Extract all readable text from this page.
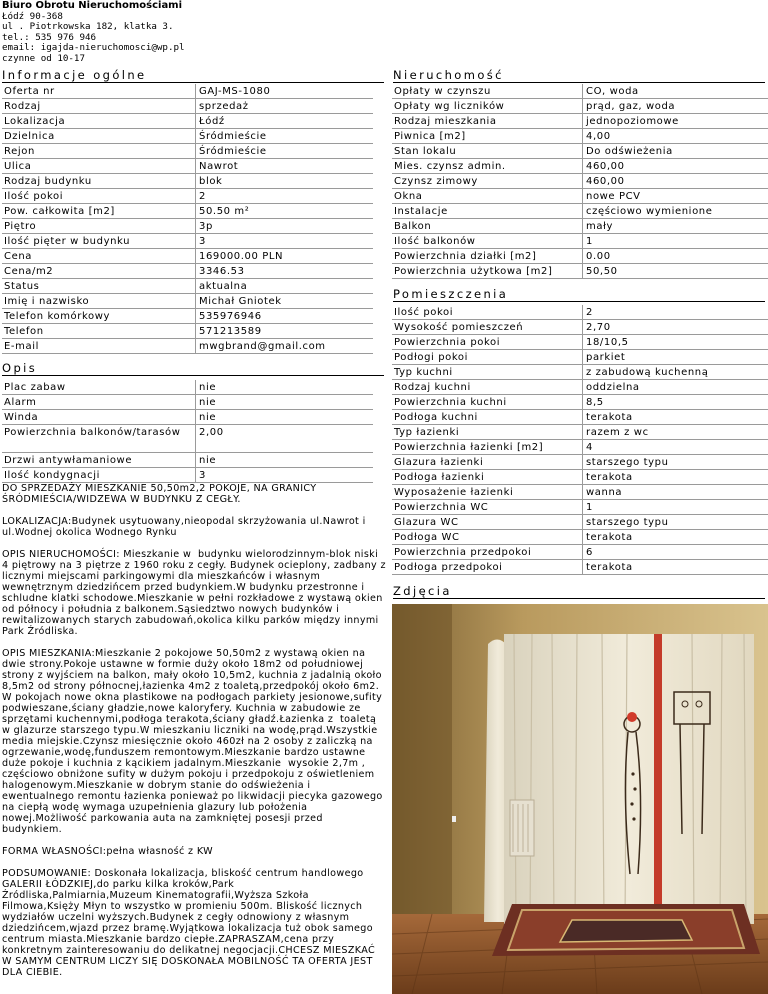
Biuro Obrotu Nieruchomościami
Łódź 90-368
ul . Piotrkowska 182, klatka 3.
tel.: 535 976 946
email: igajda-nieruchomosci@wp.pl
czynne od 10-17
Informacje ogólne	Nieruchomość
Oferta nr	GAJ-MS-1080
Rodzaj	sprzedaż
Lokalizacja	Łódź
Dzielnica	Śródmieście
Rejon	Śródmieście
Ulica	Nawrot
Rodzaj budynku	blok
Ilość pokoi	2
Pow. całkowita [m2]	50.50 m²
Piętro	3p
Ilość pięter w budynku	3
Cena	169000.00 PLN
Cena/m2	3346.53
Status	aktualna
Imię i nazwisko	Michał Gniotek
Telefon komórkowy	535976946
Telefon	571213589
E-mail	mwgbrand@gmail.com
Opłaty w czynszu	CO, woda
Opłaty wg liczników	prąd, gaz, woda
Rodzaj mieszkania	jednopoziomowe
Piwnica [m2]	4,00
Stan lokalu	Do odświeżenia
Mies. czynsz admin.	460,00
Czynsz zimowy	460,00
Okna	nowe PCV
Instalacje	częściowo wymienione
Balkon	mały
Ilość balkonów	1
Powierzchnia działki [m2]	0.00
Powierzchnia użytkowa [m2]	50,50
Pomieszczenia
Ilość pokoi	2
Wysokość pomieszczeń	2,70
Powierzchnia pokoi	18/10,5
Podłogi pokoi	parkiet
Typ kuchni	z zabudową kuchenną
Rodzaj kuchni	oddzielna
Powierzchnia kuchni	8,5
Podłoga kuchni	terakota
Typ łazienki	razem z wc
Powierzchnia łazienki [m2]	4
Glazura łazienki	starszego typu
Podłoga łazienki	terakota
Wyposażenie łazienki	wanna
Powierzchnia WC	1
Glazura WC	starszego typu
Podłoga WC	terakota
Powierzchnia przedpokoi	6
Podłoga przedpokoi	terakota
Opis
Plac zabaw	nie
Alarm	nie
Winda	nie
Powierzchnia balkonów/tarasów	2,00
Drzwi antywłamaniowe	nie
Ilość kondygnacji	3

DO SPRZEDAŻY MIESZKANIE 50,50m2,2 POKOJE, NA GRANICY ŚRÓDMIEŚCIA/WIDZEWA W BUDYNKU Z CEGŁY.

LOKALIZACJA:Budynek usytuowany,nieopodal skrzyżowania ul.Nawrot i ul.Wodnej okolica Wodnego Rynku

OPIS NIERUCHOMOŚCI: Mieszkanie w  budynku wielorodzinnym-blok niski 4 piętrowy na 3 piętrze z 1960 roku z cegły. Budynek ocieplony, zadbany z licznymi miejscami parkingowymi dla mieszkańców i własnym wewnętrznym dziedzińcem przed budynkiem.W budynku przestronne i schludne klatki schodowe.Mieszkanie w pełni rozkładowe z wystawą okien od północy i południa z balkonem.Sąsiedztwo nowych budynków i rewitalizowanych starych zabudowań,okolica kilku parków między innymi Park Źródliska.

OPIS MIESZKANIA:Mieszkanie 2 pokojowe 50,50m2 z wystawą okien na dwie strony.Pokoje ustawne w formie duży około 18m2 od południowej strony z wyjściem na balkon, mały około 10,5m2, kuchnia z jadalnią około 8,5m2 od strony północnej,łazienka 4m2 z toaletą,przedpokój około 6m2. W pokojach nowe okna plastikowe na podłogach parkiety jesionowe,sufity podwieszane,ściany gładzie,nowe kaloryfery. Kuchnia w zabudowie ze sprzętami kuchennymi,podłoga terakota,ściany gładź.Łazienka z  toaletą w glazurze starszego typu.W mieszkaniu liczniki na wodę,prąd.Wszystkie media miejskie.Czynsz miesięcznie około 460zł na 2 osoby z zaliczką na ogrzewanie,wodę,funduszem remontowym.Mieszkanie bardzo ustawne duże pokoje i kuchnia z kącikiem jadalnym.Mieszkanie  wysokie 2,7m , częściowo obniżone sufity w dużym pokoju i przedpokoju z oświetleniem halogenowym.Mieszkanie w dobrym stanie do odświeżenia i ewentualnego remontu łazienka ponieważ po likwidacji piecyka gazowego na ciepłą wodę wymaga uzupełnienia glazury lub położenia nowej.Możliwość parkowania auta na zamkniętej posesji przed budynkiem.

FORMA WŁASNOŚCI:pełna własność z KW

PODSUMOWANIE: Doskonała lokalizacja, bliskość centrum handlowego GALERII ŁÓDZKIEJ,do parku kilka kroków,Park Źródliska,Palmiarnia,Muzeum Kinematografii,Wyższa Szkoła Filmowa,Księży Młyn to wszystko w promieniu 500m. Bliskość licznych wydziałów uczelni wyższych.Budynek z cegły odnowiony z własnym dziedzińcem,wjazd przez bramę.Wyjątkowa lokalizacja tuż obok samego centrum miasta.Mieszkanie bardzo ciepłe.ZAPRASZAM,cena przy konkretnym zainteresowaniu do delikatnej negocjacji.CHCESZ MIESZKAĆ W SAMYM CENTRUM LICZY SIĘ DOSKONAŁA MOBILNOŚĆ TA OFERTA JEST DLA CIEBIE.

Zdjęcia
